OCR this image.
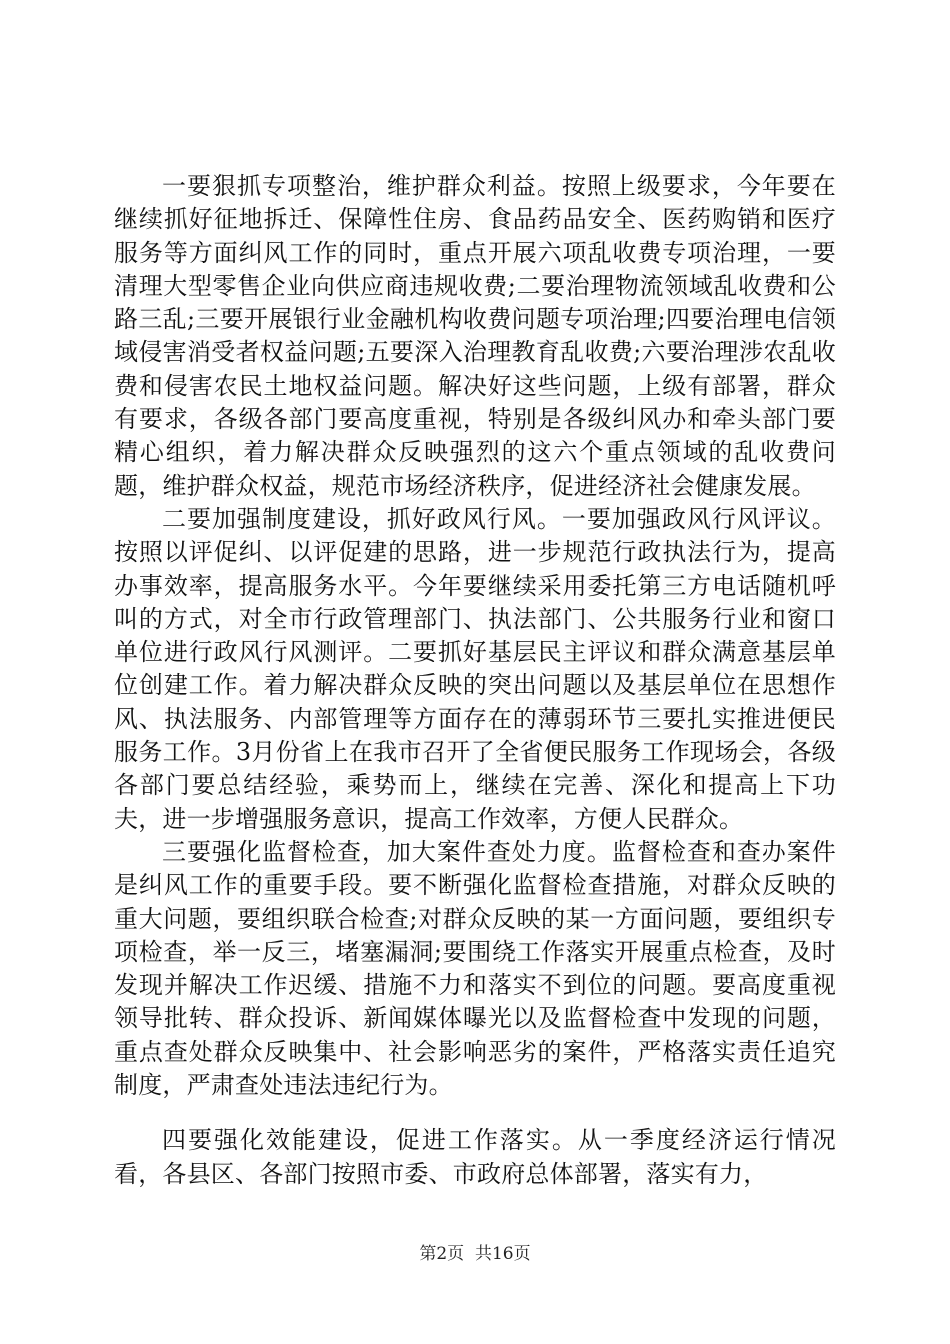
一要狠抓专项整治，维护群众利益。按照上级要求，今年要在继续抓好征地拆迁、保障性住房、食品药品安全、医药购销和医疗服务等方面纠风工作的同时，重点开展六项乱收费专项治理，一要清理大型零售企业向供应商违规收费;二要治理物流领域乱收费和公路三乱;三要开展银行业金融机构收费问题专项治理;四要治理电信领域侵害消受者权益问题;五要深入治理教育乱收费;六要治理涉农乱收费和侵害农民土地权益问题。解决好这些问题，上级有部署，群众有要求，各级各部门要高度重视，特别是各级纠风办和牵头部门要精心组织，着力解决群众反映强烈的这六个重点领域的乱收费问题，维护群众权益，规范市场经济秩序，促进经济社会健康发展。

二要加强制度建设，抓好政风行风。一要加强政风行风评议。按照以评促纠、以评促建的思路，进一步规范行政执法行为，提高办事效率，提高服务水平。今年要继续采用委托第三方电话随机呼叫的方式，对全市行政管理部门、执法部门、公共服务行业和窗口单位进行政风行风测评。二要抓好基层民主评议和群众满意基层单位创建工作。着力解决群众反映的突出问题以及基层单位在思想作风、执法服务、内部管理等方面存在的薄弱环节三要扎实推进便民服务工作。3月份省上在我市召开了全省便民服务工作现场会，各级各部门要总结经验，乘势而上，继续在完善、深化和提高上下功夫，进一步增强服务意识，提高工作效率，方便人民群众。

三要强化监督检查，加大案件查处力度。监督检查和查办案件是纠风工作的重要手段。要不断强化监督检查措施，对群众反映的重大问题，要组织联合检查;对群众反映的某一方面问题，要组织专项检查，举一反三，堵塞漏洞;要围绕工作落实开展重点检查，及时发现并解决工作迟缓、措施不力和落实不到位的问题。要高度重视领导批转、群众投诉、新闻媒体曝光以及监督检查中发现的问题，重点查处群众反映集中、社会影响恶劣的案件，严格落实责任追究制度，严肃查处违法违纪行为。

四要强化效能建设，促进工作落实。从一季度经济运行情况看，各县区、各部门按照市委、市政府总体部署，落实有力，

第2页  共16页
